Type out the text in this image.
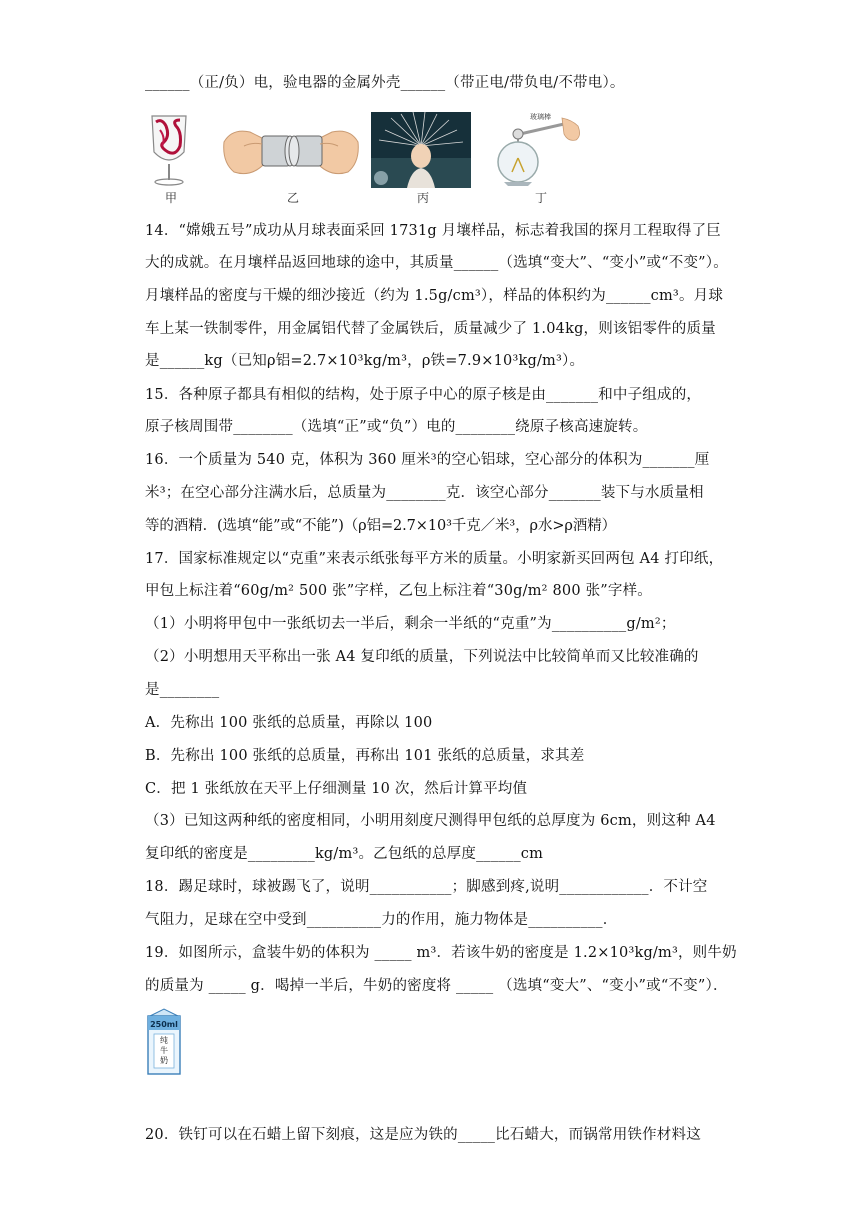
______（正/负）电，验电器的金属外壳______（带正电/带负电/不带电）。
甲	乙	丙
玻璃棒
丁
14．“嫦娥五号”成功从月球表面采回 1731g 月壤样品，标志着我国的探月工程取得了巨
大的成就。在月壤样品返回地球的途中，其质量______（选填“变大”、“变小”或“不变”）。
月壤样品的密度与干燥的细沙接近（约为 1.5g/cm³），样品的体积约为______cm³。月球
车上某一铁制零件，用金属铝代替了金属铁后，质量减少了 1.04kg，则该铝零件的质量
是______kg（已知ρ铝=2.7×10³kg/m³，ρ铁=7.9×10³kg/m³）。
15．各种原子都具有相似的结构，处于原子中心的原子核是由_______和中子组成的，
原子核周围带________（选填“正”或“负”）电的________绕原子核高速旋转。
16．一个质量为 540 克，体积为 360 厘米³的空心铝球，空心部分的体积为_______厘
米³；在空心部分注满水后，总质量为________克．该空心部分_______装下与水质量相
等的酒精．(选填“能”或“不能”)（ρ铝=2.7×10³千克／米³，ρ水>ρ酒精）
17．国家标准规定以“克重”来表示纸张每平方米的质量。小明家新买回两包 A4 打印纸，
甲包上标注着“60g/m² 500 张”字样，乙包上标注着“30g/m² 800 张”字样。
（1）小明将甲包中一张纸切去一半后，剩余一半纸的“克重”为__________g/m²；
（2）小明想用天平称出一张 A4 复印纸的质量，下列说法中比较简单而又比较准确的
是________
A．先称出 100 张纸的总质量，再除以 100
B．先称出 100 张纸的总质量，再称出 101 张纸的总质量，求其差
C．把 1 张纸放在天平上仔细测量 10 次，然后计算平均值
（3）已知这两种纸的密度相同，小明用刻度尺测得甲包纸的总厚度为 6cm，则这种 A4
复印纸的密度是_________kg/m³。乙包纸的总厚度______cm
18．踢足球时，球被踢飞了，说明___________；脚感到疼,说明____________．不计空
气阻力，足球在空中受到__________力的作用，施力物体是__________．
19．如图所示，盒装牛奶的体积为 _____ m³．若该牛奶的密度是 1.2×10³kg/m³，则牛奶
的质量为 _____ g．喝掉一半后，牛奶的密度将 _____ （选填“变大”、“变小”或“不变”）．
250ml
纯
牛
奶
20．铁钉可以在石蜡上留下刻痕，这是应为铁的_____比石蜡大，而锅常用铁作材料这
